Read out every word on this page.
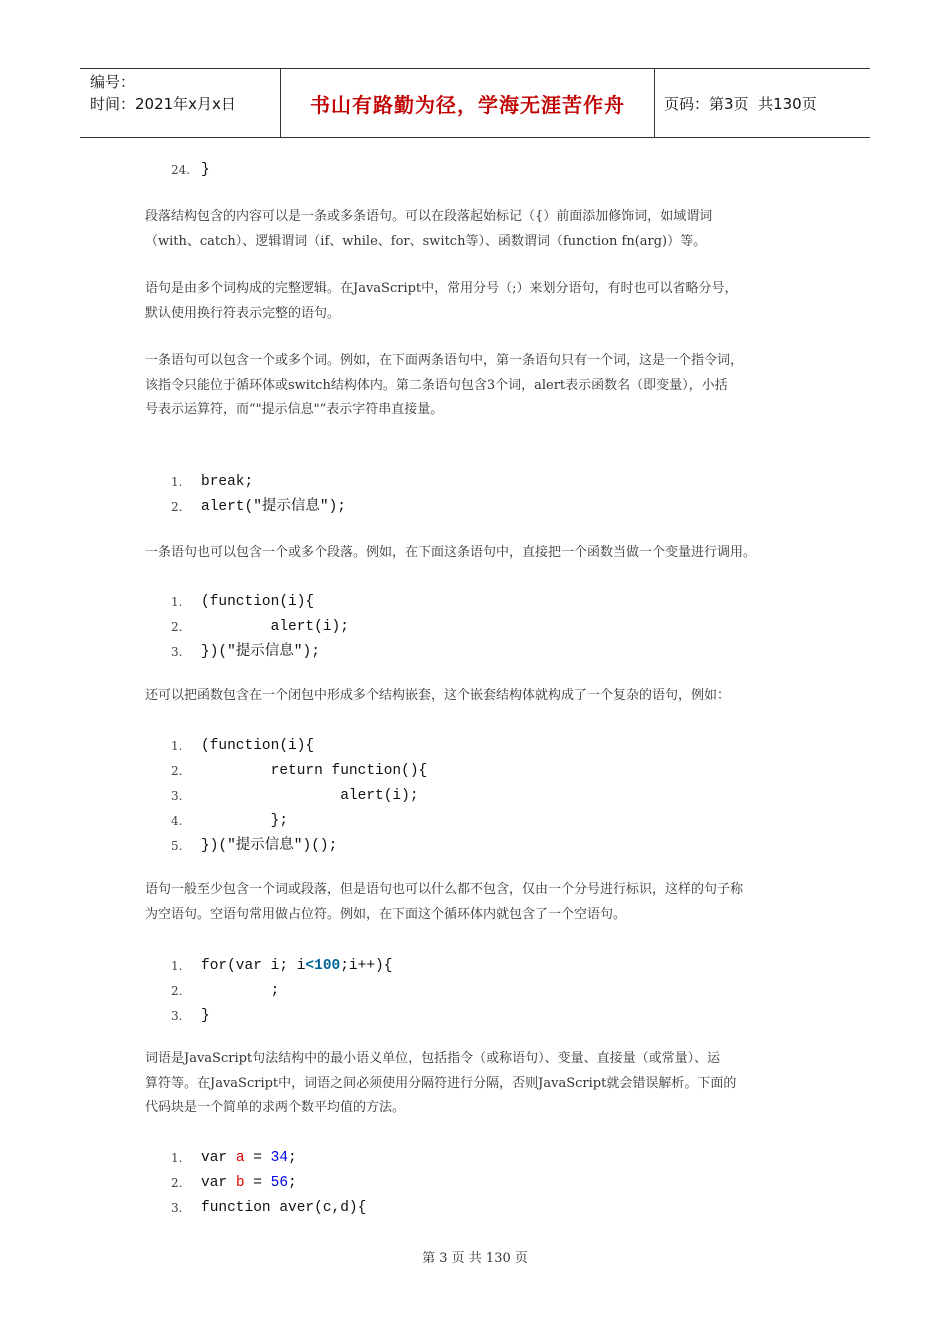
编号：
时间：2021年x月x日	书山有路勤为径，学海无涯苦作舟	页码：第3页  共130页
24. }
段落结构包含的内容可以是一条或多条语句。可以在段落起始标记（{）前面添加修饰词，如域谓词
（with、catch）、逻辑谓词（if、while、for、switch等）、函数谓词（function fn(arg)）等。
语句是由多个词构成的完整逻辑。在JavaScript中，常用分号（;）来划分语句，有时也可以省略分号，
默认使用换行符表示完整的语句。
一条语句可以包含一个或多个词。例如，在下面两条语句中，第一条语句只有一个词，这是一个指令词，
该指令只能位于循环体或switch结构体内。第二条语句包含3个词，alert表示函数名（即变量），小括
号表示运算符，而“"提示信息"”表示字符串直接量。
1.	break;
2.	alert("提示信息");
一条语句也可以包含一个或多个段落。例如，在下面这条语句中，直接把一个函数当做一个变量进行调用。
1.	(function(i){
2.	alert(i);
3.	})("提示信息");
还可以把函数包含在一个闭包中形成多个结构嵌套，这个嵌套结构体就构成了一个复杂的语句，例如：
1.	(function(i){
2.	return function(){
3.	alert(i);
4.	};
5.	})("提示信息")();
语句一般至少包含一个词或段落，但是语句也可以什么都不包含，仅由一个分号进行标识，这样的句子称
为空语句。空语句常用做占位符。例如，在下面这个循环体内就包含了一个空语句。
1.	for(var i; i<100;i++){
2.	;
3.	}
词语是JavaScript句法结构中的最小语义单位，包括指令（或称语句）、变量、直接量（或常量）、运
算符等。在JavaScript中，词语之间必须使用分隔符进行分隔，否则JavaScript就会错误解析。下面的
代码块是一个简单的求两个数平均值的方法。
1.	var a = 34;
2.	var b = 56;
3.	function aver(c,d){
第 3 页 共 130 页
